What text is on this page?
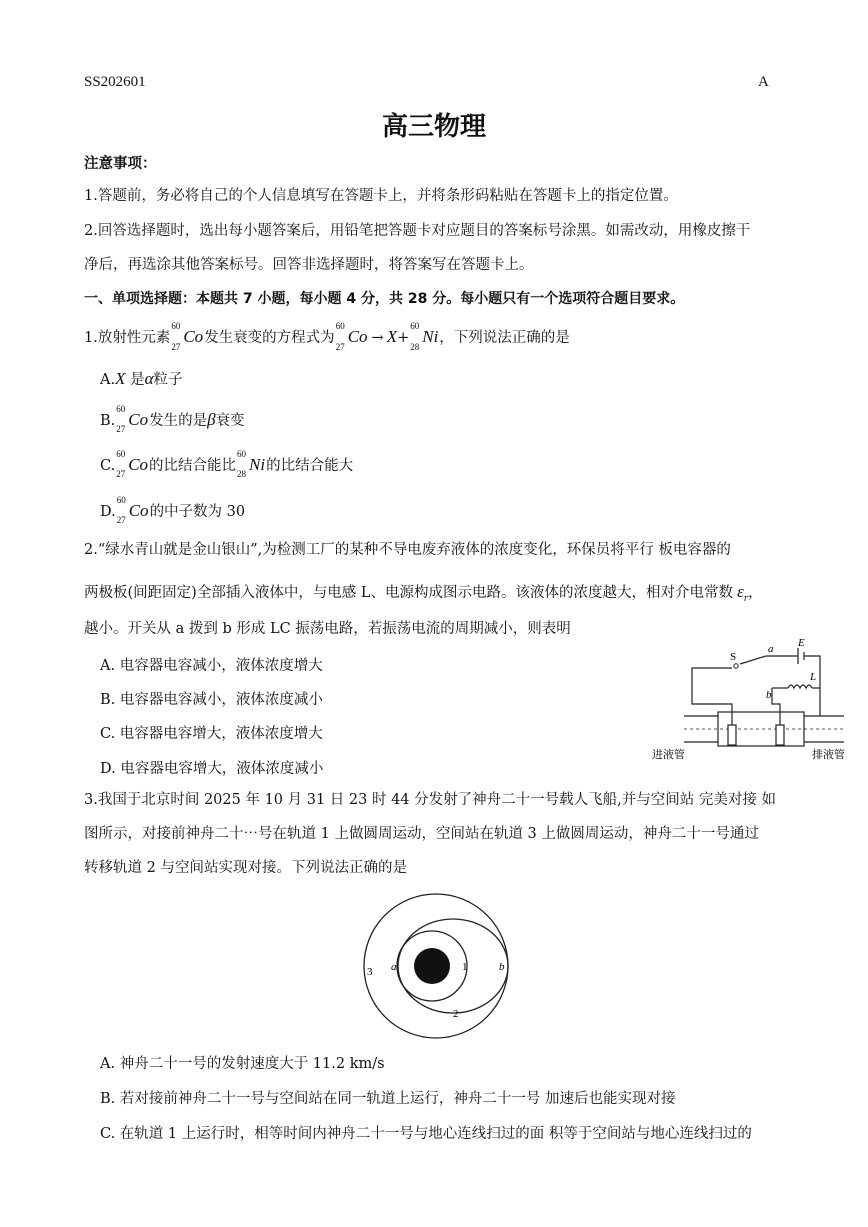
SS202601	A
高三物理
注意事项：
1.答题前，务必将自己的个人信息填写在答题卡上，并将条形码粘贴在答题卡上的指定位置。
2.回答选择题时，选出每小题答案后，用铅笔把答题卡对应题目的答案标号涂黑。如需改动，用橡皮擦干
净后，再选涂其他答案标号。回答非选择题时，将答案写在答题卡上。
一、单项选择题：本题共 7 小题，每小题 4 分，共 28 分。每小题只有一个选项符合题目要求。
1.放射性元素
60
27
Co发生衰变的方程式为
60
27
Co → X+
60
28
Ni，下列说法正确的是
A.X 是α粒子
B.
60
27 Co发生的是β衰变
C.
60
27 Co的比结合能比
60
28 Ni的比结合能大
D.
60
27 Co的中子数为 30
2.“绿水青山就是金山银山”,为检测工厂的某种不导电废弃液体的浓度变化，环保员将平行 板电容器的
两极板(间距固定)全部插入液体中，与电感 L、电源构成图示电路。该液体的浓度越大，相对介电常数 $\varepsilon_r$，
越小。开关从 a 拨到 b 形成 LC 振荡电路，若振荡电流的周期减小，则表明
A. 电容器电容减小，液体浓度增大
B. 电容器电容减小，液体浓度减小
C. 电容器电容增大，液体浓度增大
D. 电容器电容增大，液体浓度减小
S
a E
b
L
进液管	排液管
3.我国于北京时间 2025 年 10 月 31 日 23 时 44 分发射了神舟二十一号载人飞船,并与空间站 完美对接 如
图所示，对接前神舟二十⋯号在轨道 1 上做圆周运动，空间站在轨道 3 上做圆周运动，神舟二十一号通过
转移轨道 2 与空间站实现对接。下列说法正确的是
3 a	1	b
2
A. 神舟二十一号的发射速度大于 11.2 km/s
B. 若对接前神舟二十一号与空间站在同一轨道上运行，神舟二十一号 加速后也能实现对接
C. 在轨道 1 上运行时，相等时间内神舟二十一号与地心连线扫过的面 积等于空间站与地心连线扫过的
